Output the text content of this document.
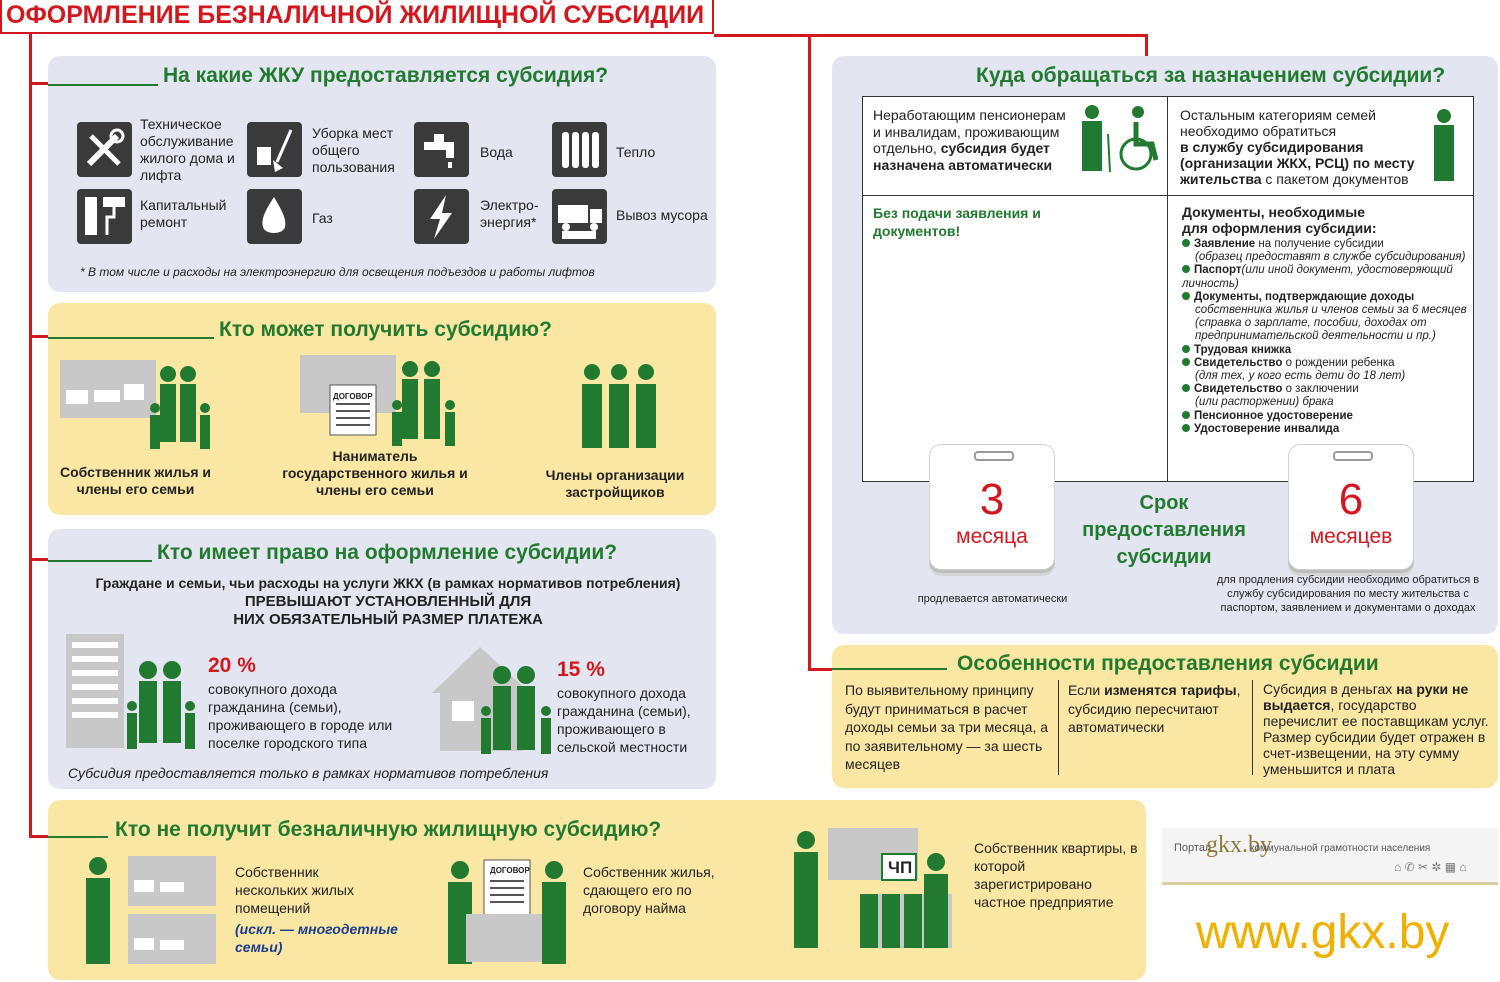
ОФОРМЛЕНИЕ БЕЗНАЛИЧНОЙ ЖИЛИЩНОЙ СУБСИДИИ
На какие ЖКУ предоставляется субсидия?
Техническое обслуживание жилого дома и лифта
Уборка мест общего пользования
Вода	Тепло
Капитальный ремонт	Газ
Электро-энергия*	Вывоз мусора
* В том числе и расходы на электроэнергию для освещения подъездов и работы лифтов
Кто может получить субсидию?
Собственник жилья и члены его семьи
ДОГОВОР
Наниматель государственного жилья и члены его семьи
Члены организации застройщиков
Кто имеет право на оформление субсидии?
Граждане и семьи, чьи расходы на услуги ЖКХ (в рамках нормативов потребления)
ПРЕВЫШАЮТ УСТАНОВЛЕННЫЙ ДЛЯ НИХ ОБЯЗАТЕЛЬНЫЙ РАЗМЕР ПЛАТЕЖА
20 %
совокупного дохода гражданина (семьи), проживающего в городе или поселке городского типа
15 %
совокупного дохода гражданина (семьи), проживающего в сельской местности
Субсидия предоставляется только в рамках нормативов потребления
Кто не получит безналичную жилищную субсидию?
Собственник нескольких жилых помещений
(искл. — многодетные семьи)
ДОГОВОР	Собственник жилья, сдающего его по договору найма
ЧП
Собственник квартиры, в которой зарегистрировано частное предприятие
Куда обращаться за назначением субсидии?
Неработающим пенсионерам
и инвалидам, проживающим
отдельно, субсидия будет
назначена автоматически
Остальным категориям семей
необходимо обратиться
в службу субсидирования
(организации ЖКХ, РСЦ) по месту
жительства с пакетом документов
Без подачи заявления и документов!
Документы, необходимые для оформления субсидии:
Заявление на получение субсидии
(образец предоставят в службе субсидирования)
Паспорт(или иной документ, удостоверяющий личность)
Документы, подтверждающие доходы
собственника жилья и членов семьи за 6 месяцев (справка о зарплате, пособии, доходах от предпринимательской деятельности и пр.)
Трудовая книжка
Свидетельство о рождении ребенка
(для тех, у кого есть дети до 18 лет)
Свидетельство о заключении
(или расторжении) брака
Пенсионное удостоверение
Удостоверение инвалида
3
месяца
продлевается автоматически
Срок предоставления субсидии
6
месяцев
для продления субсидии необходимо обратиться в службу субсидирования по месту жительства с паспортом, заявлением и документами о доходах
Особенности предоставления субсидии
По выявительному принципу будут приниматься в расчет доходы семьи за три месяца, а по заявительному — за шесть месяцев
Если изменятся тарифы, субсидию пересчитают автоматически
Субсидия в деньгах на руки не выдается, государство перечислит ее поставщикам услуг. Размер субсидии будет отражен в счет-извещении, на эту сумму уменьшится и плата
Портал
gkx.by
коммунальной грамотности населения
⌂ ✆ ✂ ✲ ▦ ⌂
www.gkx.by
